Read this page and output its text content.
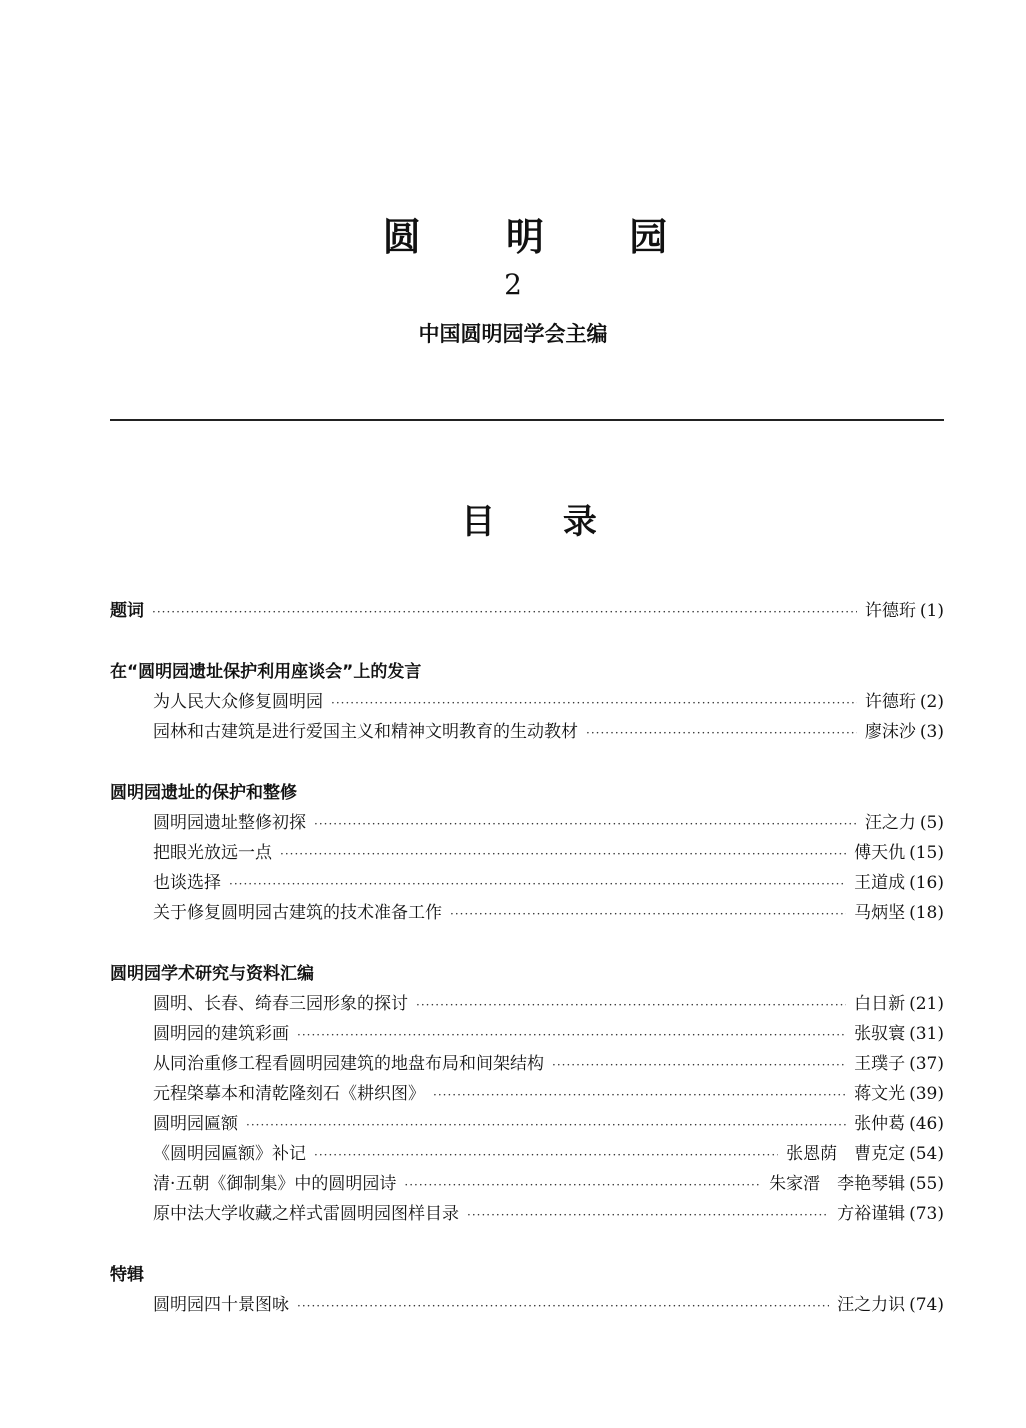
圆 明 园
2
中国圆明园学会主编
目 录
题词 ·····	许德珩 (1)
在“圆明园遗址保护利用座谈会”上的发言
为人民大众修复圆明园 ·····	许德珩 (2)
园林和古建筑是进行爱国主义和精神文明教育的生动教材 ·····	廖沫沙 (3)
圆明园遗址的保护和整修
圆明园遗址整修初探 ·····	汪之力 (5)
把眼光放远一点 ·····	傅天仇 (15)
也谈选择 ·····	王道成 (16)
关于修复圆明园古建筑的技术准备工作 ·····	马炳坚 (18)
圆明园学术研究与资料汇编
圆明、长春、绮春三园形象的探讨 ·····	白日新 (21)
圆明园的建筑彩画 ·····	张驭寰 (31)
从同治重修工程看圆明园建筑的地盘布局和间架结构 ·····	王璞子 (37)
元程棨摹本和清乾隆刻石《耕织图》 ·····	蒋文光 (39)
圆明园匾额 ·····	张仲葛 (46)
《圆明园匾额》补记 ·····	张恩荫　曹克定 (54)
清·五朝《御制集》中的圆明园诗 ·····	朱家溍　李艳琴辑 (55)
原中法大学收藏之样式雷圆明园图样目录 ·····	方裕谨辑 (73)
特辑
圆明园四十景图咏 ·····	汪之力识 (74)
